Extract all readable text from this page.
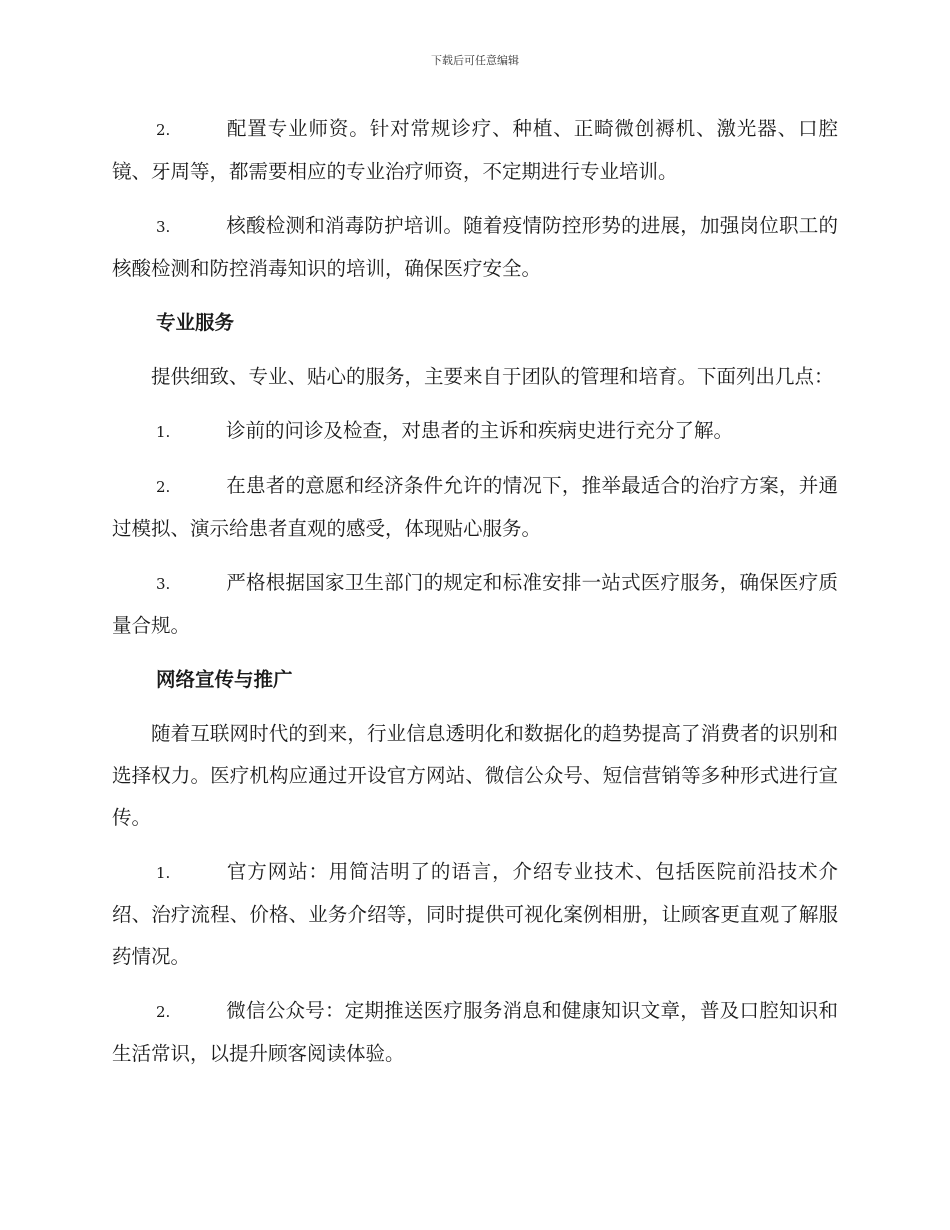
下载后可任意编辑

2.	配置专业师资。针对常规诊疗、种植、正畸微创褥机、激光器、口腔镜、牙周等，都需要相应的专业治疗师资，不定期进行专业培训。

3.	核酸检测和消毒防护培训。随着疫情防控形势的进展，加强岗位职工的核酸检测和防控消毒知识的培训，确保医疗安全。

专业服务

提供细致、专业、贴心的服务，主要来自于团队的管理和培育。下面列出几点：

1.	诊前的问诊及检查，对患者的主诉和疾病史进行充分了解。

2.	在患者的意愿和经济条件允许的情况下，推举最适合的治疗方案，并通过模拟、演示给患者直观的感受，体现贴心服务。

3.	严格根据国家卫生部门的规定和标准安排一站式医疗服务，确保医疗质量合规。

网络宣传与推广

随着互联网时代的到来，行业信息透明化和数据化的趋势提高了消费者的识别和选择权力。医疗机构应通过开设官方网站、微信公众号、短信营销等多种形式进行宣传。

1.	官方网站：用简洁明了的语言，介绍专业技术、包括医院前沿技术介绍、治疗流程、价格、业务介绍等，同时提供可视化案例相册，让顾客更直观了解服药情况。

2.	微信公众号：定期推送医疗服务消息和健康知识文章，普及口腔知识和生活常识，以提升顾客阅读体验。
